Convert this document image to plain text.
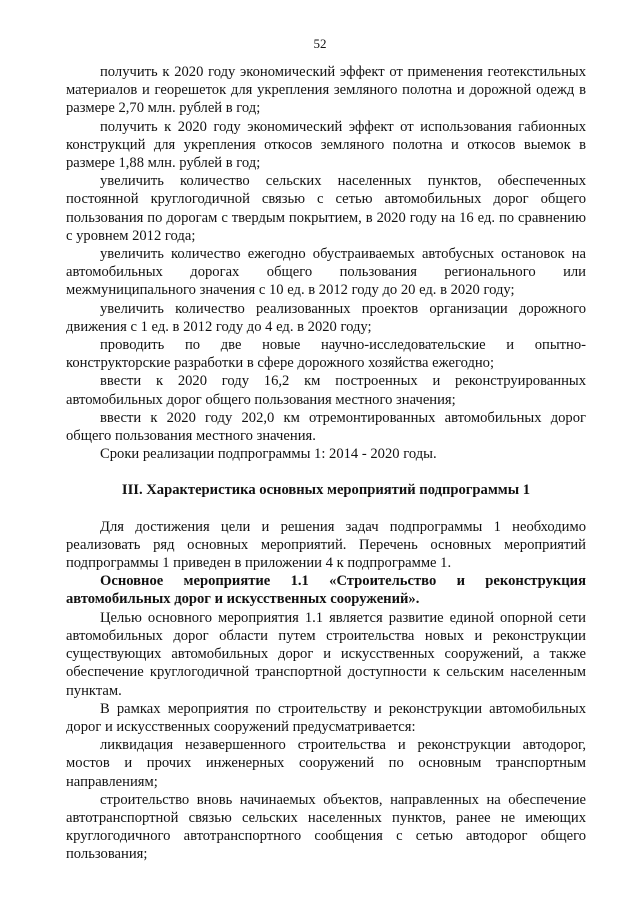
52

получить к 2020 году экономический эффект от применения геотекстильных материалов и георешеток для укрепления земляного полотна и дорожной одежд в размере 2,70 млн. рублей в год;

получить к 2020 году экономический эффект от использования габионных конструкций для укрепления откосов земляного полотна и откосов выемок в размере 1,88 млн. рублей в год;

увеличить количество сельских населенных пунктов, обеспеченных постоянной круглогодичной связью с сетью автомобильных дорог общего пользования по дорогам с твердым покрытием, в 2020 году на 16 ед. по сравнению с уровнем 2012 года;

увеличить количество ежегодно обустраиваемых автобусных остановок на автомобильных дорогах общего пользования регионального или межмуниципального значения с 10 ед. в 2012 году до 20 ед. в 2020 году;

увеличить количество реализованных проектов организации дорожного движения с 1 ед. в 2012 году до 4 ед. в 2020 году;

проводить по две новые научно-исследовательские и опытно-конструкторские разработки в сфере дорожного хозяйства ежегодно;

ввести к 2020 году 16,2 км построенных и реконструированных автомобильных дорог общего пользования местного значения;

ввести к 2020 году 202,0 км отремонтированных автомобильных дорог общего пользования местного значения.

Сроки реализации подпрограммы 1: 2014 - 2020 годы.

III. Характеристика основных мероприятий подпрограммы 1

Для достижения цели и решения задач подпрограммы 1 необходимо реализовать ряд основных мероприятий. Перечень основных мероприятий подпрограммы 1 приведен в приложении 4 к подпрограмме 1.

Основное мероприятие 1.1 «Строительство и реконструкция автомобильных дорог и искусственных сооружений».

Целью основного мероприятия 1.1 является развитие единой опорной сети автомобильных дорог области путем строительства новых и реконструкции существующих автомобильных дорог и искусственных сооружений, а также обеспечение круглогодичной транспортной доступности к сельским населенным пунктам.

В рамках мероприятия по строительству и реконструкции автомобильных дорог и искусственных сооружений предусматривается:

ликвидация незавершенного строительства и реконструкции автодорог, мостов и прочих инженерных сооружений по основным транспортным направлениям;

строительство вновь начинаемых объектов, направленных на обеспечение автотранспортной связью сельских населенных пунктов, ранее не имеющих круглогодичного автотранспортного сообщения с сетью автодорог общего пользования;
